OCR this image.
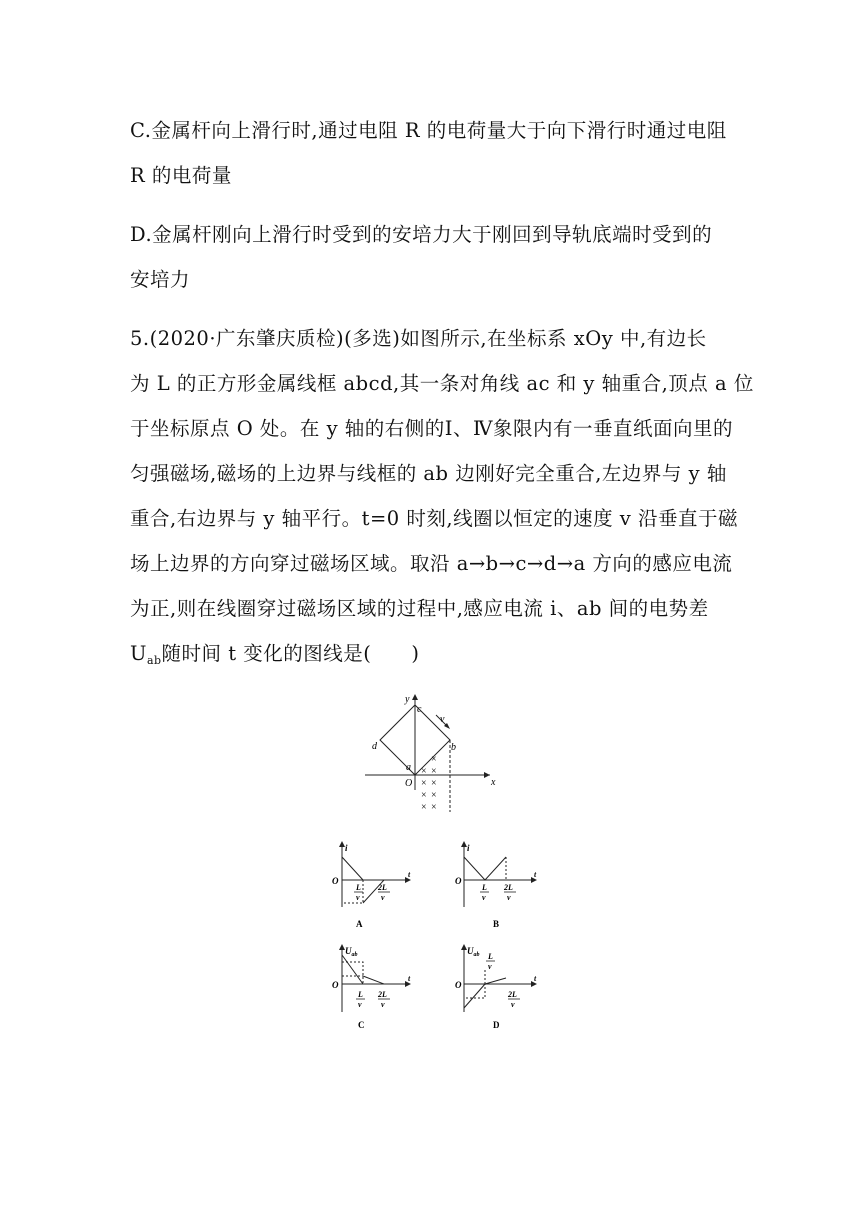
C.金属杆向上滑行时,通过电阻 R 的电荷量大于向下滑行时通过电阻
R 的电荷量
D.金属杆刚向上滑行时受到的安培力大于刚回到导轨底端时受到的
安培力
5.(2020·广东肇庆质检)(多选)如图所示,在坐标系 xOy 中,有边长
为 L 的正方形金属线框 abcd,其一条对角线 ac 和 y 轴重合,顶点 a 位
于坐标原点 O 处。在 y 轴的右侧的Ⅰ、Ⅳ象限内有一垂直纸面向里的
匀强磁场,磁场的上边界与线框的 ab 边刚好完全重合,左边界与 y 轴
重合,右边界与 y 轴平行。t=0 时刻,线圈以恒定的速度 v 沿垂直于磁
场上边界的方向穿过磁场区域。取沿 a→b→c→d→a 方向的感应电流
为正,则在线圈穿过磁场区域的过程中,感应电流 i、ab 间的电势差
$U_{ab}$随时间 t 变化的图线是(　　)
y
x
O
a
b
c
d
v
×
× ×
× ×
× ×
× ×
i
O
t
L
v
2L
v
A
i
O
t
L
v
2L
v
B
$U_{ab}$
O
t
L
v
2L
v
C
$U_{ab}$
O
t
L
v
2L
v
D
